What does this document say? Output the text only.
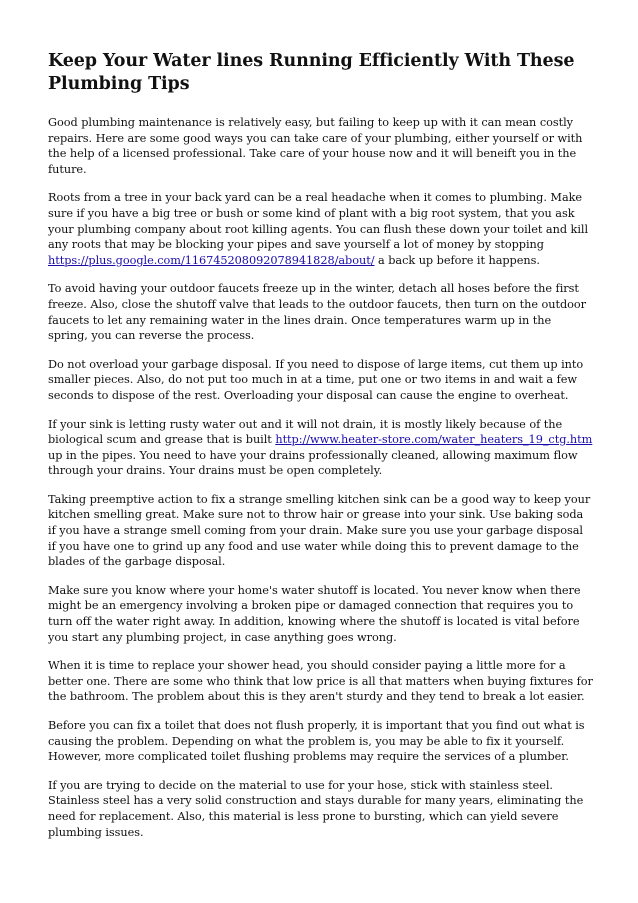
Keep Your Water lines Running Efficiently With These Plumbing Tips

Good plumbing maintenance is relatively easy, but failing to keep up with it can mean costly repairs. Here are some good ways you can take care of your plumbing, either yourself or with the help of a licensed professional. Take care of your house now and it will beneift you in the future.

Roots from a tree in your back yard can be a real headache when it comes to plumbing. Make sure if you have a big tree or bush or some kind of plant with a big root system, that you ask your plumbing company about root killing agents. You can flush these down your toilet and kill any roots that may be blocking your pipes and save yourself a lot of money by stopping https://plus.google.com/116745208092078941828/about/ a back up before it happens.

To avoid having your outdoor faucets freeze up in the winter, detach all hoses before the first freeze. Also, close the shutoff valve that leads to the outdoor faucets, then turn on the outdoor faucets to let any remaining water in the lines drain. Once temperatures warm up in the spring, you can reverse the process.

Do not overload your garbage disposal. If you need to dispose of large items, cut them up into smaller pieces. Also, do not put too much in at a time, put one or two items in and wait a few seconds to dispose of the rest. Overloading your disposal can cause the engine to overheat.

If your sink is letting rusty water out and it will not drain, it is mostly likely because of the biological scum and grease that is built http://www.heater-store.com/water_heaters_19_ctg.htm up in the pipes. You need to have your drains professionally cleaned, allowing maximum flow through your drains. Your drains must be open completely.

Taking preemptive action to fix a strange smelling kitchen sink can be a good way to keep your kitchen smelling great. Make sure not to throw hair or grease into your sink. Use baking soda if you have a strange smell coming from your drain. Make sure you use your garbage disposal if you have one to grind up any food and use water while doing this to prevent damage to the blades of the garbage disposal.

Make sure you know where your home's water shutoff is located. You never know when there might be an emergency involving a broken pipe or damaged connection that requires you to turn off the water right away. In addition, knowing where the shutoff is located is vital before you start any plumbing project, in case anything goes wrong.

When it is time to replace your shower head, you should consider paying a little more for a better one. There are some who think that low price is all that matters when buying fixtures for the bathroom. The problem about this is they aren't sturdy and they tend to break a lot easier.

Before you can fix a toilet that does not flush properly, it is important that you find out what is causing the problem. Depending on what the problem is, you may be able to fix it yourself. However, more complicated toilet flushing problems may require the services of a plumber.

If you are trying to decide on the material to use for your hose, stick with stainless steel. Stainless steel has a very solid construction and stays durable for many years, eliminating the need for replacement. Also, this material is less prone to bursting, which can yield severe plumbing issues.
